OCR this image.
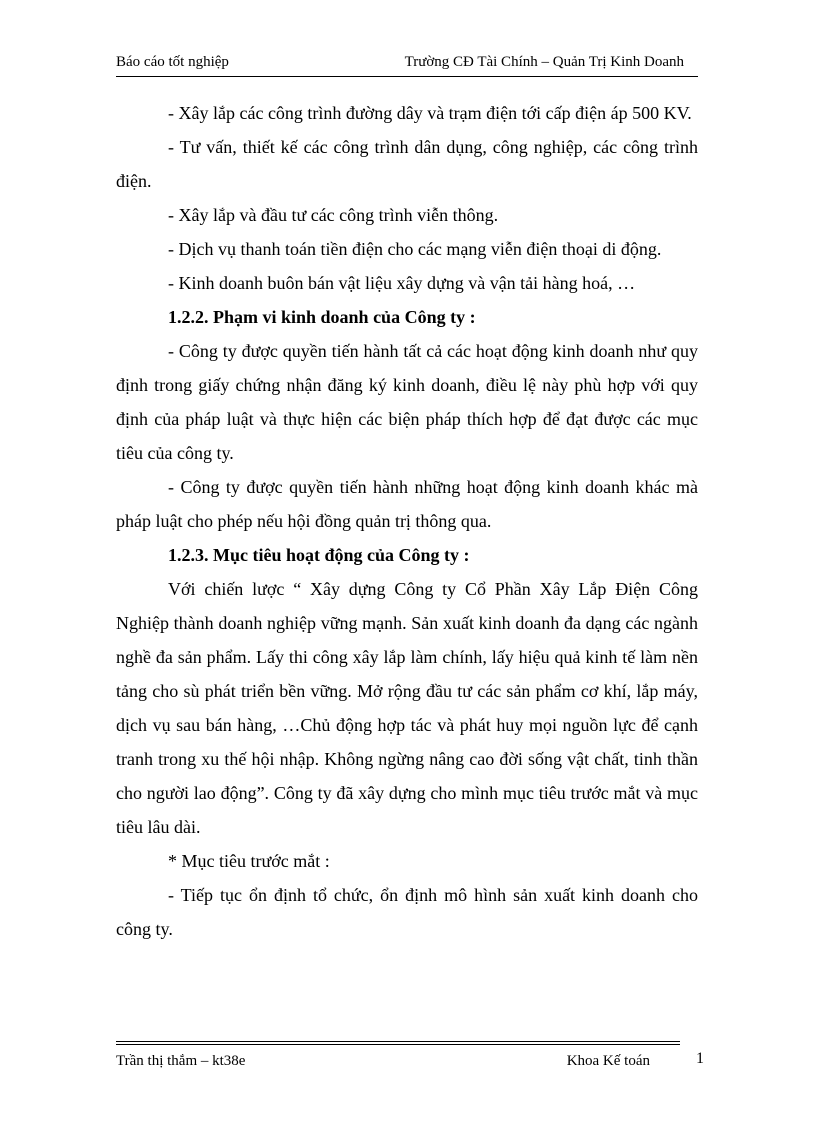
Báo cáo tốt nghiệp	Trường CĐ Tài Chính – Quản Trị Kinh Doanh

- Xây lắp các công trình đường dây và trạm điện tới cấp điện áp 500 KV.

- Tư vấn, thiết kế các công trình dân dụng, công nghiệp, các công trình điện.

- Xây lắp và đầu tư các công trình viễn thông.

- Dịch vụ thanh toán tiền điện cho các mạng viễn điện thoại di động.

- Kinh doanh buôn bán vật liệu xây dựng và vận tải hàng hoá, …

1.2.2. Phạm vi kinh doanh của Công ty :

- Công ty được quyền tiến hành tất cả các hoạt động kinh doanh như quy định trong giấy chứng nhận đăng ký kinh doanh, điều lệ này phù hợp với quy định của pháp luật và thực hiện các biện pháp thích hợp để đạt được các mục tiêu của công ty.

- Công ty được quyền tiến hành những hoạt động kinh doanh khác mà pháp luật cho phép nếu hội đồng quản trị thông qua.

1.2.3. Mục tiêu hoạt động của Công ty :

Với chiến lược “ Xây dựng Công ty Cổ Phần Xây Lắp Điện Công Nghiệp thành doanh nghiệp vững mạnh. Sản xuất kinh doanh đa dạng các ngành nghề đa sản phẩm. Lấy thi công xây lắp làm chính, lấy hiệu quả kinh tế làm nền tảng cho sù phát triển bền vững. Mở rộng đầu tư các sản phẩm cơ khí, lắp máy, dịch vụ sau bán hàng, …Chủ động hợp tác và phát huy mọi nguồn lực để cạnh tranh trong xu thế hội nhập. Không ngừng nâng cao đời sống vật chất, tinh thần cho người lao động”. Công ty đã xây dựng cho mình mục tiêu trước mắt và mục tiêu lâu dài.

* Mục tiêu trước mắt :

- Tiếp tục ổn định tổ chức, ổn định mô hình sản xuất kinh doanh cho công ty.

Trần thị thắm – kt38e	Khoa Kế toán	1
